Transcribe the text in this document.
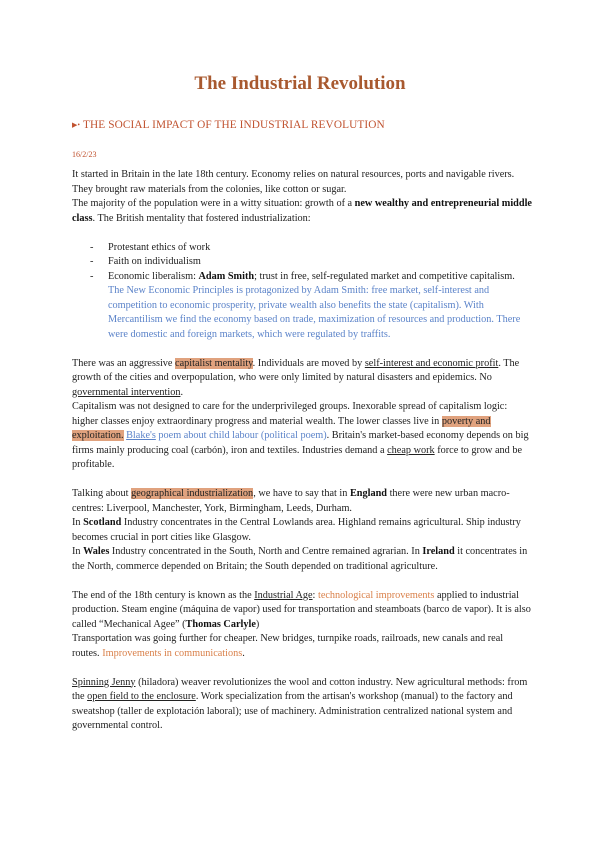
The Industrial Revolution
▶• THE SOCIAL IMPACT OF THE INDUSTRIAL REVOLUTION
16/2/23

It started in Britain in the late 18th century. Economy relies on natural resources, ports and navigable rivers. They brought raw materials from the colonies, like cotton or sugar.

The majority of the population were in a witty situation: growth of a new wealthy and entrepreneurial middle class. The British mentality that fostered industrialization:

- Protestant ethics of work
- Faith on individualism
- Economic liberalism: Adam Smith; trust in free, self-regulated market and competitive capitalism. The New Economic Principles is protagonized by Adam Smith: free market, self-interest and competition to economic prosperity, private wealth also benefits the state (capitalism). With Mercantilism we find the economy based on trade, maximization of resources and production. There were domestic and foreign markets, which were regulated by traffits.

There was an aggressive capitalist mentality. Individuals are moved by self-interest and economic profit. The growth of the cities and overpopulation, who were only limited by natural disasters and epidemics. No governmental intervention.

Capitalism was not designed to care for the underprivileged groups. Inexorable spread of capitalism logic: higher classes enjoy extraordinary progress and material wealth. The lower classes live in poverty and exploitation. Blake's poem about child labour (political poem). Britain's market-based economy depends on big firms mainly producing coal (carbón), iron and textiles. Industries demand a cheap work force to grow and be profitable.

Talking about geographical industrialization, we have to say that in England there were new urban macro-centres: Liverpool, Manchester, York, Birmingham, Leeds, Durham.

In Scotland Industry concentrates in the Central Lowlands area. Highland remains agricultural. Ship industry becomes crucial in port cities like Glasgow.

In Wales Industry concentrated in the South, North and Centre remained agrarian. In Ireland it concentrates in the North, commerce depended on Britain; the South depended on traditional agriculture.

The end of the 18th century is known as the Industrial Age: technological improvements applied to industrial production. Steam engine (máquina de vapor) used for transportation and steamboats (barco de vapor). It is also called “Mechanical Agee” (Thomas Carlyle)

Transportation was going further for cheaper. New bridges, turnpike roads, railroads, new canals and real routes. Improvements in communications.

Spinning Jenny (hiladora) weaver revolutionizes the wool and cotton industry. New agricultural methods: from the open field to the enclosure. Work specialization from the artisan's workshop (manual) to the factory and sweatshop (taller de explotación laboral); use of machinery. Administration centralized national system and governmental control.
